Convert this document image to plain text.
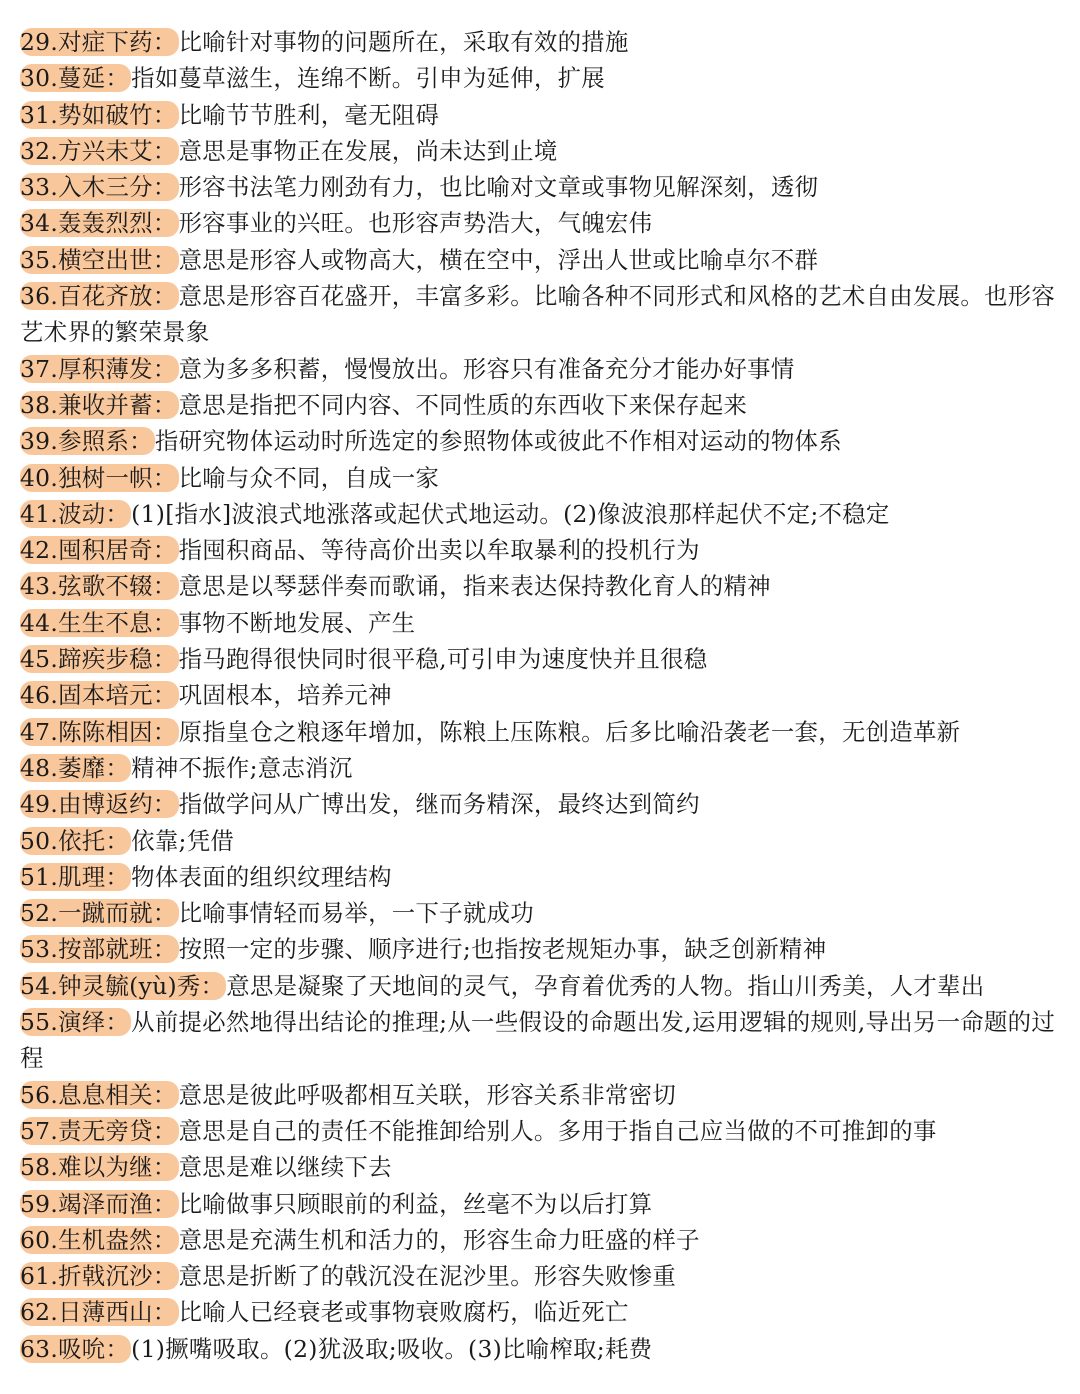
29.对症下药：比喻针对事物的问题所在，采取有效的措施

30.蔓延：指如蔓草滋生，连绵不断。引申为延伸，扩展

31.势如破竹：比喻节节胜利，毫无阻碍

32.方兴未艾：意思是事物正在发展，尚未达到止境

33.入木三分：形容书法笔力刚劲有力，也比喻对文章或事物见解深刻，透彻

34.轰轰烈烈：形容事业的兴旺。也形容声势浩大，气魄宏伟

35.横空出世：意思是形容人或物高大，横在空中，浮出人世或比喻卓尔不群

36.百花齐放：意思是形容百花盛开，丰富多彩。比喻各种不同形式和风格的艺术自由发展。也形容艺术界的繁荣景象

37.厚积薄发：意为多多积蓄，慢慢放出。形容只有准备充分才能办好事情

38.兼收并蓄：意思是指把不同内容、不同性质的东西收下来保存起来

39.参照系：指研究物体运动时所选定的参照物体或彼此不作相对运动的物体系

40.独树一帜：比喻与众不同，自成一家

41.波动：(1)[指水]波浪式地涨落或起伏式地运动。(2)像波浪那样起伏不定;不稳定

42.囤积居奇：指囤积商品、等待高价出卖以牟取暴利的投机行为

43.弦歌不辍：意思是以琴瑟伴奏而歌诵，指来表达保持教化育人的精神

44.生生不息：事物不断地发展、产生

45.蹄疾步稳：指马跑得很快同时很平稳,可引申为速度快并且很稳

46.固本培元：巩固根本，培养元神

47.陈陈相因：原指皇仓之粮逐年增加，陈粮上压陈粮。后多比喻沿袭老一套，无创造革新

48.萎靡：精神不振作;意志消沉

49.由博返约：指做学问从广博出发，继而务精深，最终达到简约

50.依托：依靠;凭借

51.肌理：物体表面的组织纹理结构

52.一蹴而就：比喻事情轻而易举，一下子就成功

53.按部就班：按照一定的步骤、顺序进行;也指按老规矩办事，缺乏创新精神

54.钟灵毓(yù)秀：意思是凝聚了天地间的灵气，孕育着优秀的人物。指山川秀美，人才辈出

55.演绎：从前提必然地得出结论的推理;从一些假设的命题出发,运用逻辑的规则,导出另一命题的过程

56.息息相关：意思是彼此呼吸都相互关联，形容关系非常密切

57.责无旁贷：意思是自己的责任不能推卸给别人。多用于指自己应当做的不可推卸的事

58.难以为继：意思是难以继续下去

59.竭泽而渔：比喻做事只顾眼前的利益，丝毫不为以后打算

60.生机盎然：意思是充满生机和活力的，形容生命力旺盛的样子

61.折戟沉沙：意思是折断了的戟沉没在泥沙里。形容失败惨重

62.日薄西山：比喻人已经衰老或事物衰败腐朽，临近死亡

63.吸吮：(1)撅嘴吸取。(2)犹汲取;吸收。(3)比喻榨取;耗费
